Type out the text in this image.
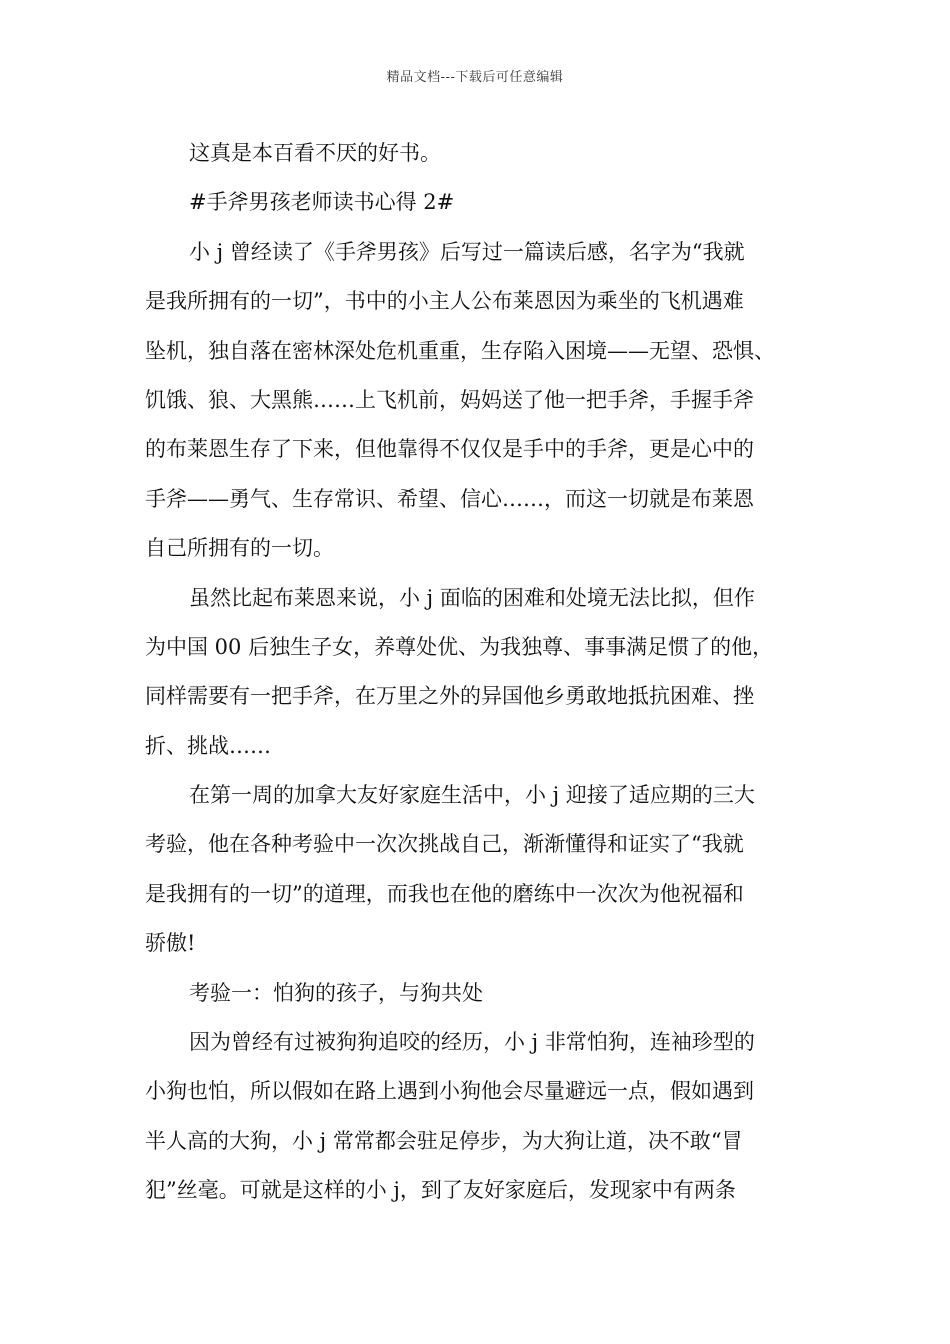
精品文档---下载后可任意编辑
这真是本百看不厌的好书。
#手斧男孩老师读书心得 2#
小 j 曾经读了《手斧男孩》后写过一篇读后感，名字为“我就
是我所拥有的一切”，书中的小主人公布莱恩因为乘坐的飞机遇难
坠机，独自落在密林深处危机重重，生存陷入困境——无望、恐惧、
饥饿、狼、大黑熊……上飞机前，妈妈送了他一把手斧，手握手斧
的布莱恩生存了下来，但他靠得不仅仅是手中的手斧，更是心中的
手斧——勇气、生存常识、希望、信心……，而这一切就是布莱恩
自己所拥有的一切。
虽然比起布莱恩来说，小 j 面临的困难和处境无法比拟，但作
为中国 00 后独生子女，养尊处优、为我独尊、事事满足惯了的他，
同样需要有一把手斧，在万里之外的异国他乡勇敢地抵抗困难、挫
折、挑战……
在第一周的加拿大友好家庭生活中，小 j 迎接了适应期的三大
考验，他在各种考验中一次次挑战自己，渐渐懂得和证实了“我就
是我拥有的一切”的道理，而我也在他的磨练中一次次为他祝福和
骄傲!
考验一：怕狗的孩子，与狗共处
因为曾经有过被狗狗追咬的经历，小 j 非常怕狗，连袖珍型的
小狗也怕，所以假如在路上遇到小狗他会尽量避远一点，假如遇到
半人高的大狗，小 j 常常都会驻足停步，为大狗让道，决不敢“冒
犯”丝毫。可就是这样的小 j，到了友好家庭后，发现家中有两条
